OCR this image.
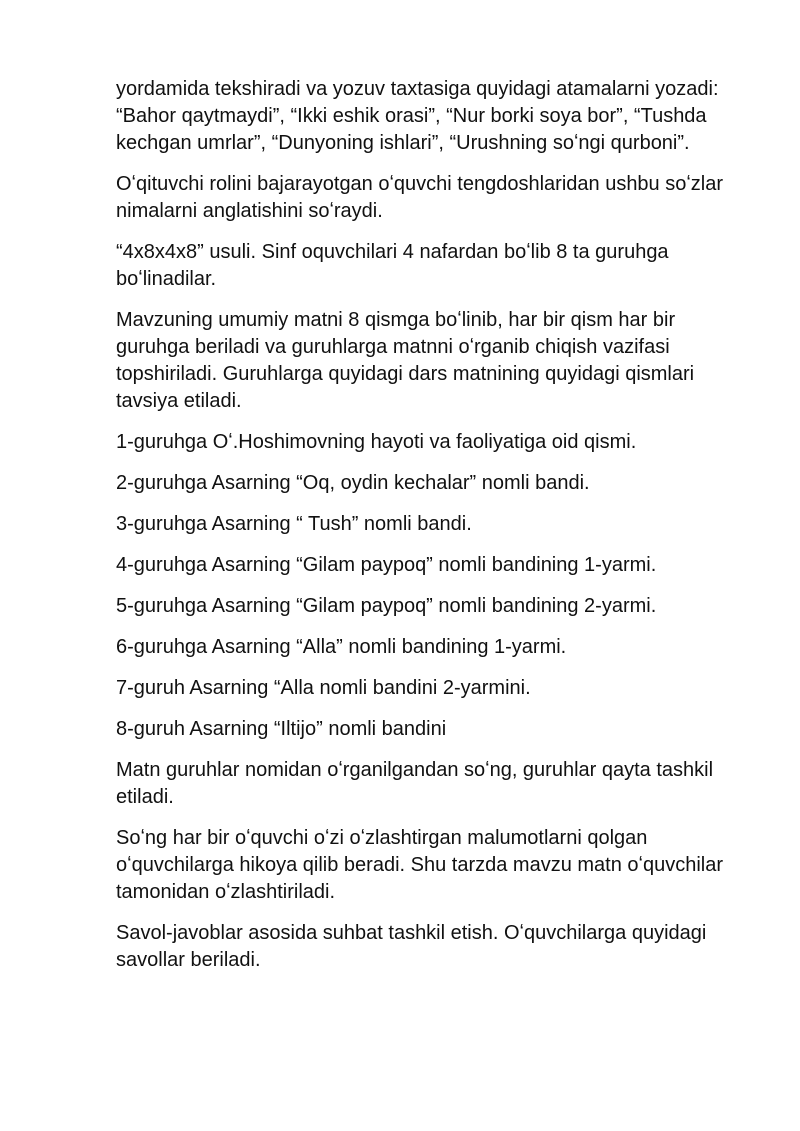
yordamida tekshiradi va yozuv taxtasiga quyidagi atamalarni yozadi: “Bahor qaytmaydi”, “Ikki eshik orasi”, “Nur borki soya bor”, “Tushda kechgan umrlar”, “Dunyoning ishlari”, “Urushning soʻngi qurboni”.

Oʻqituvchi rolini bajarayotgan oʻquvchi tengdoshlaridan ushbu soʻzlar nimalarni anglatishini soʻraydi.

“4x8x4x8” usuli. Sinf oquvchilari 4 nafardan boʻlib 8 ta guruhga boʻlinadilar.

Mavzuning umumiy matni 8 qismga boʻlinib, har bir qism har bir guruhga beriladi va guruhlarga matnni oʻrganib chiqish vazifasi topshiriladi. Guruhlarga quyidagi dars matnining quyidagi qismlari tavsiya etiladi.

1-guruhga Oʻ.Hoshimovning hayoti va faoliyatiga oid qismi.

2-guruhga Asarning “Oq, oydin kechalar” nomli bandi.

3-guruhga Asarning “ Tush” nomli bandi.

4-guruhga Asarning “Gilam paypoq” nomli bandining 1-yarmi.

5-guruhga Asarning “Gilam paypoq” nomli bandining 2-yarmi.

6-guruhga Asarning “Alla” nomli bandining 1-yarmi.

7-guruh Asarning “Alla nomli bandini 2-yarmini.

8-guruh Asarning “Iltijo” nomli bandini

Matn guruhlar nomidan oʻrganilgandan soʻng, guruhlar qayta tashkil etiladi.

Soʻng har bir oʻquvchi oʻzi oʻzlashtirgan malumotlarni qolgan oʻquvchilarga hikoya qilib beradi. Shu tarzda mavzu matn oʻquvchilar tamonidan oʻzlashtiriladi.

Savol-javoblar asosida suhbat tashkil etish. Oʻquvchilarga quyidagi savollar beriladi.
